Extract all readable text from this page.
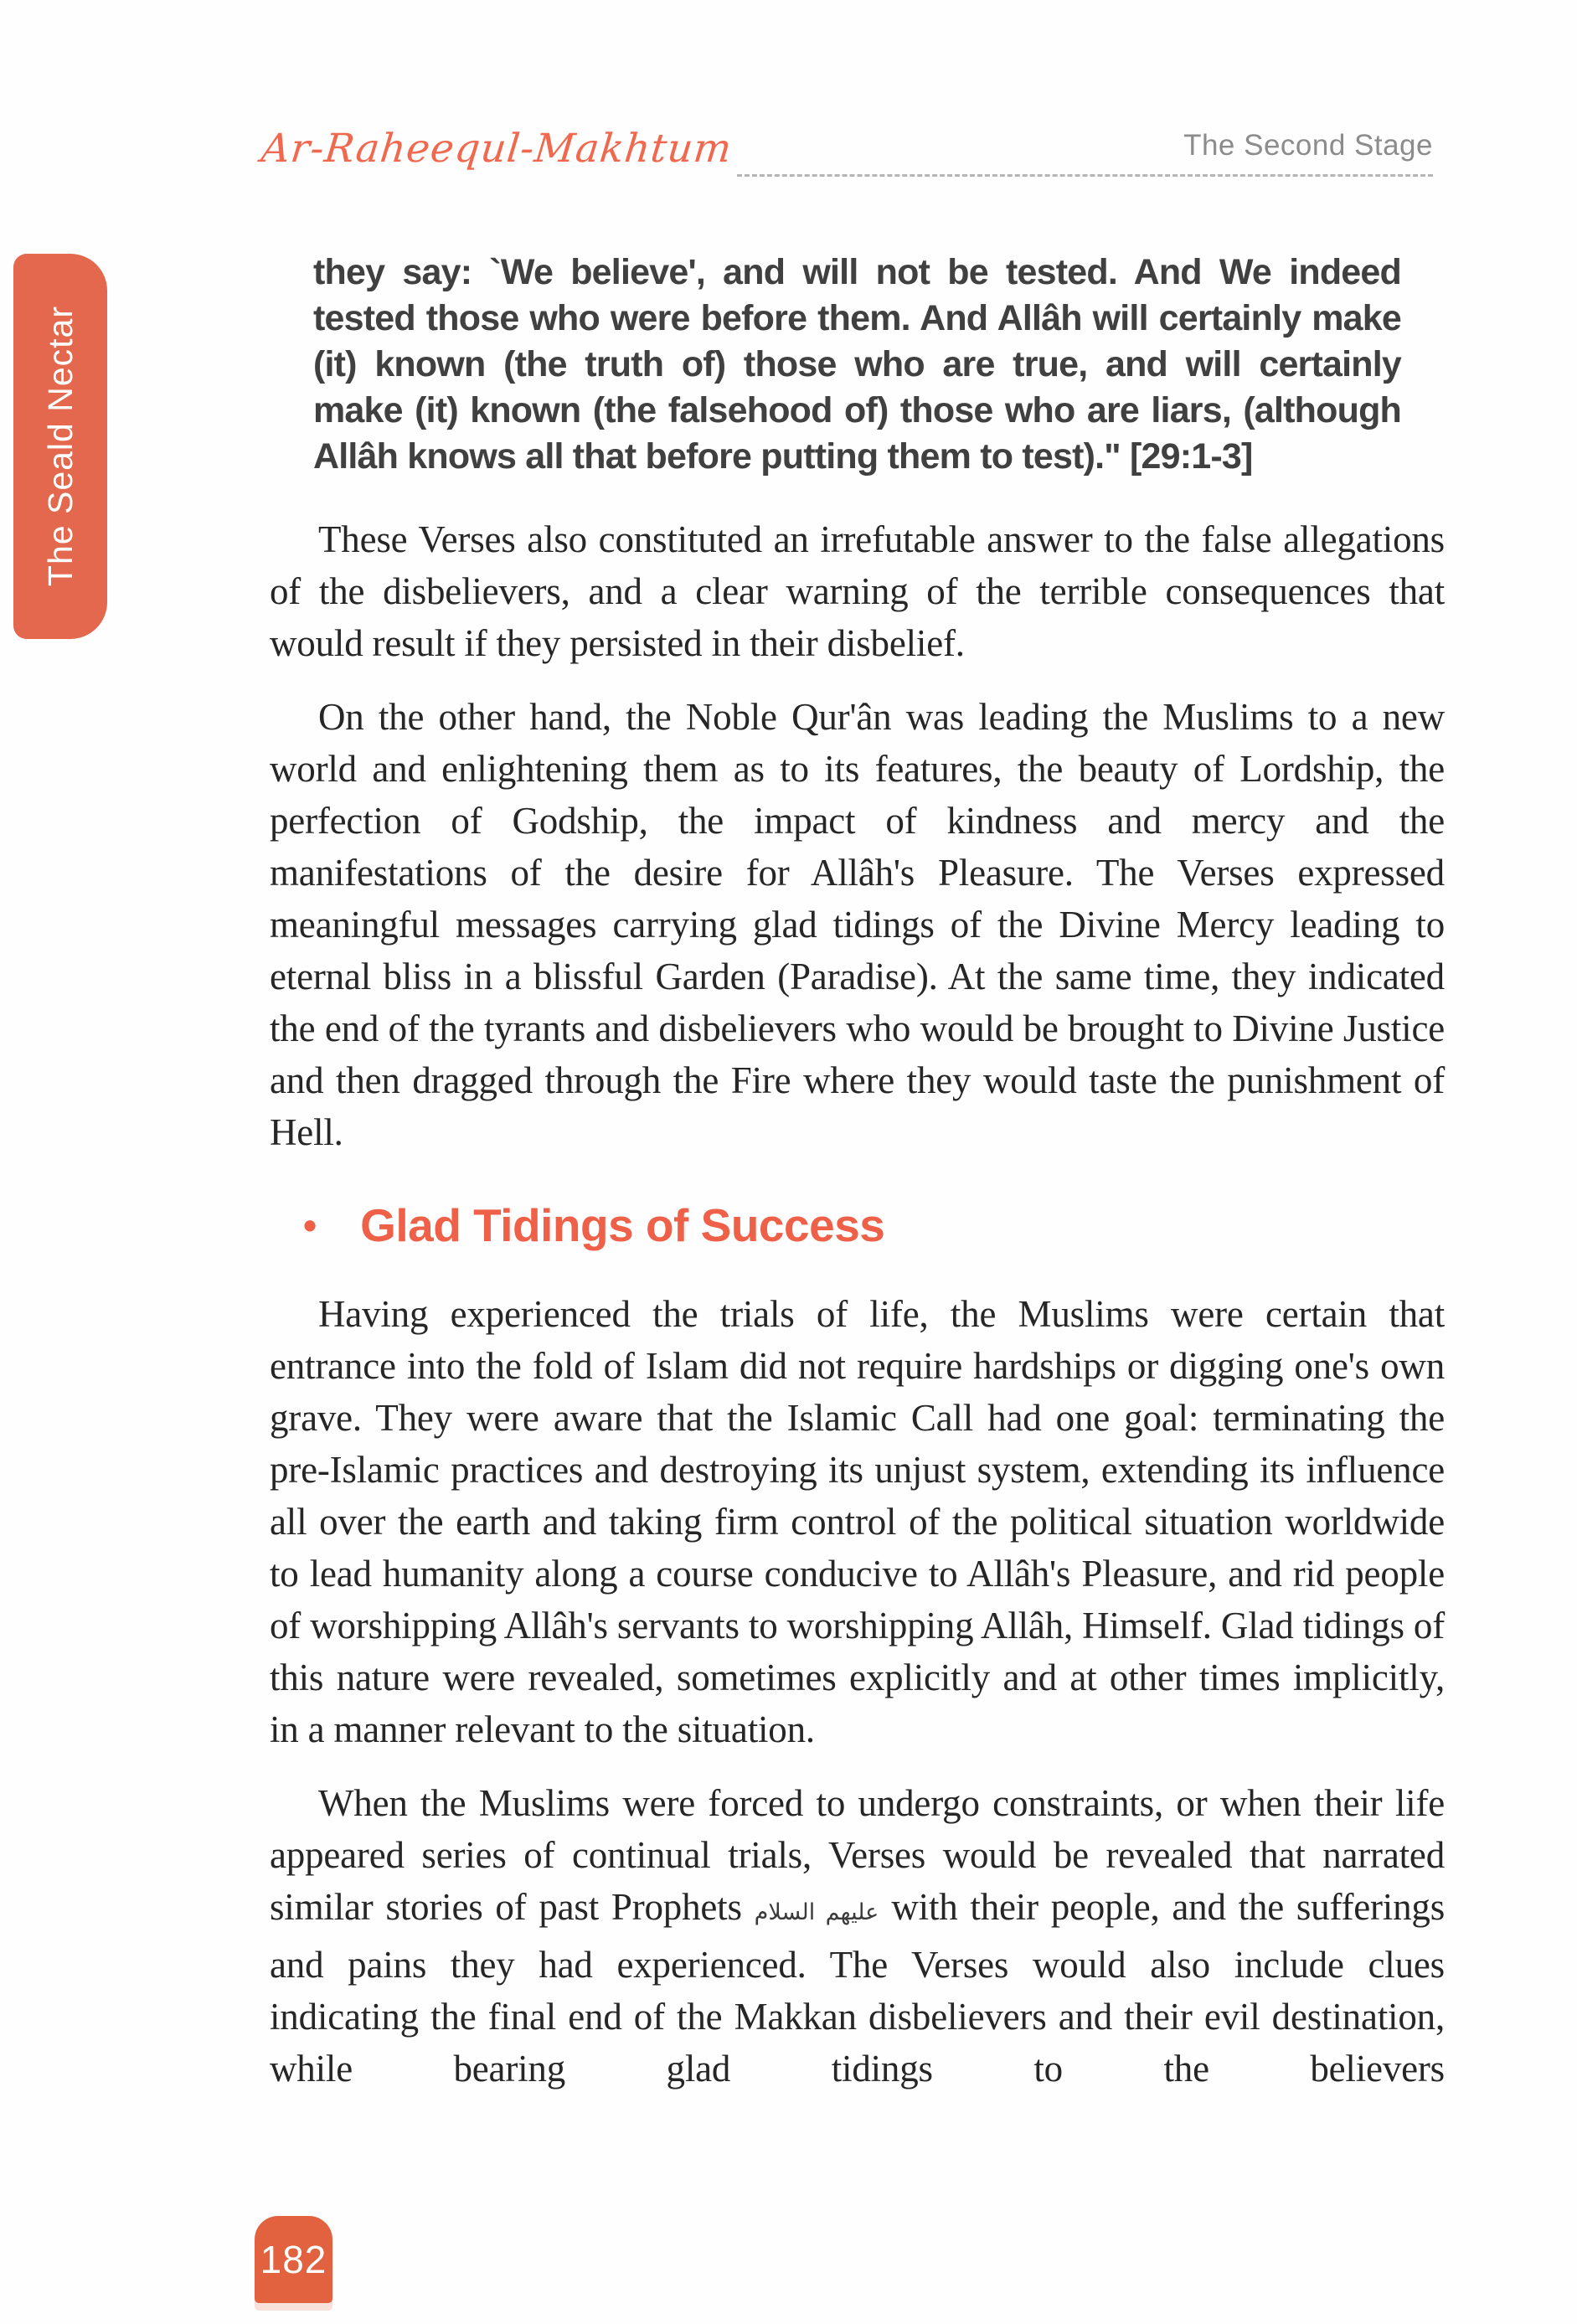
Ar-Raheequl-Makhtum	The Second Stage
The Seald Nectar

they say: `We believe', and will not be tested. And We indeed tested those who were before them. And Allâh will certainly make (it) known (the truth of) those who are true, and will certainly make (it) known (the falsehood of) those who are liars, (although Allâh knows all that before putting them to test)." [29:1-3]

These Verses also constituted an irrefutable answer to the false allegations of the disbelievers, and a clear warning of the terrible consequences that would result if they persisted in their disbelief.

On the other hand, the Noble Qur'ân was leading the Muslims to a new world and enlightening them as to its features, the beauty of Lordship, the perfection of Godship, the impact of kindness and mercy and the manifestations of the desire for Allâh's Pleasure. The Verses expressed meaningful messages carrying glad tidings of the Divine Mercy leading to eternal bliss in a blissful Garden (Paradise). At the same time, they indicated the end of the tyrants and disbelievers who would be brought to Divine Justice and then dragged through the Fire where they would taste the punishment of Hell.

• Glad Tidings of Success

Having experienced the trials of life, the Muslims were certain that entrance into the fold of Islam did not require hardships or digging one's own grave. They were aware that the Islamic Call had one goal: terminating the pre-Islamic practices and destroying its unjust system, extending its influence all over the earth and taking firm control of the political situation worldwide to lead humanity along a course conducive to Allâh's Pleasure, and rid people of worshipping Allâh's servants to worshipping Allâh, Himself. Glad tidings of this nature were revealed, sometimes explicitly and at other times implicitly, in a manner relevant to the situation.

When the Muslims were forced to undergo constraints, or when their life appeared series of continual trials, Verses would be revealed that narrated similar stories of past Prophets عليهم السلام with their people, and the sufferings and pains they had experienced. The Verses would also include clues indicating the final end of the Makkan disbelievers and their evil destination, while bearing glad tidings to the believers

182
